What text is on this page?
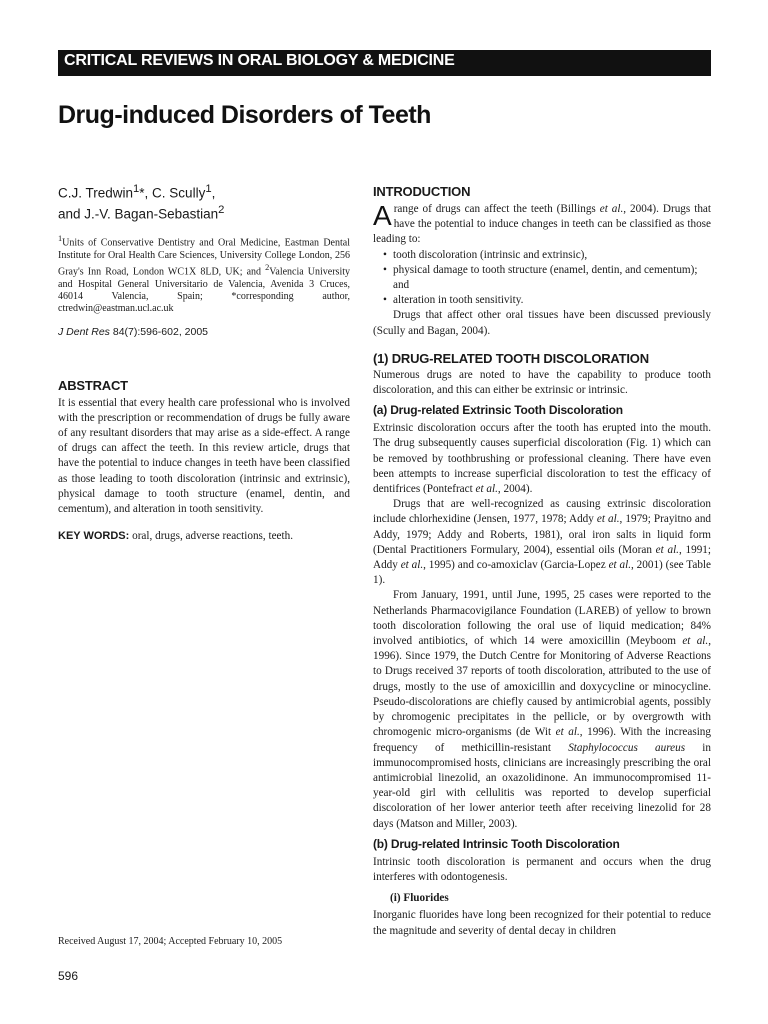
CRITICAL REVIEWS IN ORAL BIOLOGY & MEDICINE
Drug-induced Disorders of Teeth

C.J. Tredwin$^1$*, C. Scully$^1$,
and J.-V. Bagan-Sebastian$^2$

$^1$Units of Conservative Dentistry and Oral Medicine, Eastman Dental Institute for Oral Health Care Sciences, University College London, 256 Gray's Inn Road, London WC1X 8LD, UK; and $^2$Valencia University and Hospital General Universitario de Valencia, Avenida 3 Cruces, 46014 Valencia, Spain; *corresponding author, ctredwin@eastman.ucl.ac.uk

J Dent Res 84(7):596-602, 2005

ABSTRACT

It is essential that every health care professional who is involved with the prescription or recommendation of drugs be fully aware of any resultant disorders that may arise as a side-effect. A range of drugs can affect the teeth. In this review article, drugs that have the potential to induce changes in teeth have been classified as those leading to tooth discoloration (intrinsic and extrinsic), physical damage to tooth structure (enamel, dentin, and cementum), and alteration in tooth sensitivity.

KEY WORDS: oral, drugs, adverse reactions, teeth.

Received August 17, 2004; Accepted February 10, 2005
596
INTRODUCTION

A range of drugs can affect the teeth (Billings et al., 2004). Drugs that have the potential to induce changes in teeth can be classified as those leading to:

• tooth discoloration (intrinsic and extrinsic),
• physical damage to tooth structure (enamel, dentin, and cementum); and
• alteration in tooth sensitivity.

Drugs that affect other oral tissues have been discussed previously (Scully and Bagan, 2004).

(1) DRUG-RELATED TOOTH DISCOLORATION

Numerous drugs are noted to have the capability to produce tooth discoloration, and this can either be extrinsic or intrinsic.

(a) Drug-related Extrinsic Tooth Discoloration

Extrinsic discoloration occurs after the tooth has erupted into the mouth. The drug subsequently causes superficial discoloration (Fig. 1) which can be removed by toothbrushing or professional cleaning. There have even been attempts to increase superficial discoloration to test the efficacy of dentifrices (Pontefract et al., 2004).

Drugs that are well-recognized as causing extrinsic discoloration include chlorhexidine (Jensen, 1977, 1978; Addy et al., 1979; Prayitno and Addy, 1979; Addy and Roberts, 1981), oral iron salts in liquid form (Dental Practitioners Formulary, 2004), essential oils (Moran et al., 1991; Addy et al., 1995) and co-amoxiclav (Garcia-Lopez et al., 2001) (see Table 1).

From January, 1991, until June, 1995, 25 cases were reported to the Netherlands Pharmacovigilance Foundation (LAREB) of yellow to brown tooth discoloration following the oral use of liquid medication; 84% involved antibiotics, of which 14 were amoxicillin (Meyboom et al., 1996). Since 1979, the Dutch Centre for Monitoring of Adverse Reactions to Drugs received 37 reports of tooth discoloration, attributed to the use of drugs, mostly to the use of amoxicillin and doxycycline or minocycline. Pseudo-discolorations are chiefly caused by antimicrobial agents, possibly by chromogenic precipitates in the pellicle, or by overgrowth with chromogenic micro-organisms (de Wit et al., 1996). With the increasing frequency of methicillin-resistant Staphylococcus aureus in immunocompromised hosts, clinicians are increasingly prescribing the oral antimicrobial linezolid, an oxazolidinone. An immunocompromised 11-year-old girl with cellulitis was reported to develop superficial discoloration of her lower anterior teeth after receiving linezolid for 28 days (Matson and Miller, 2003).

(b) Drug-related Intrinsic Tooth Discoloration

Intrinsic tooth discoloration is permanent and occurs when the drug interferes with odontogenesis.

(i) Fluorides

Inorganic fluorides have long been recognized for their potential to reduce the magnitude and severity of dental decay in children
